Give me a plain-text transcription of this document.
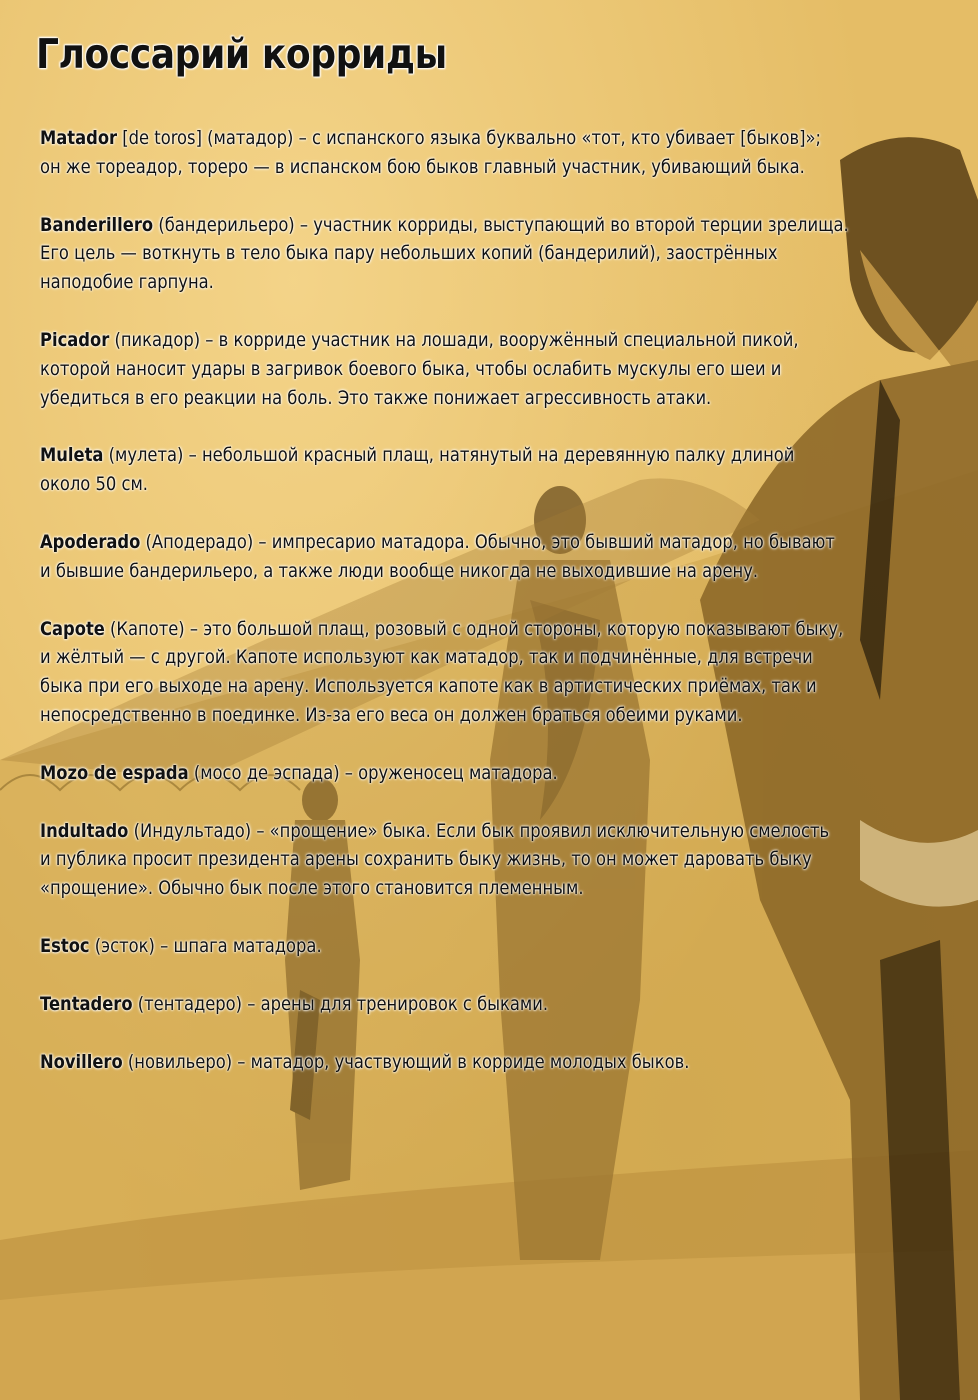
Глоссарий корриды
Matador [de toros] (матадор) – с испанского языка буквально «тот, кто убивает [быков]»;
он же тореадор, тореро — в испанском бою быков главный участник, убивающий быка.
Banderillero (бандерильеро) – участник корриды, выступающий во второй терции зрелища.
Его цель — воткнуть в тело быка пару небольших копий (бандерилий), заострённых
наподобие гарпуна.
Picador (пикадор) – в корриде участник на лошади, вооружённый специальной пикой,
которой наносит удары в загривок боевого быка, чтобы ослабить мускулы его шеи и
убедиться в его реакции на боль. Это также понижает агрессивность атаки.
Muleta (мулета) – небольшой красный плащ, натянутый на деревянную палку длиной
около 50 см.
Apoderado (Аподерадо) – импресарио матадора. Обычно, это бывший матадор, но бывают
и бывшие бандерильеро, а также люди вообще никогда не выходившие на арену.
Capote (Капоте) – это большой плащ, розовый с одной стороны, которую показывают быку,
и жёлтый — с другой. Капоте используют как матадор, так и подчинённые, для встречи
быка при его выходе на арену. Используется капоте как в артистических приёмах, так и
непосредственно в поединке. Из-за его веса он должен браться обеими руками.
Mozo de espada (мосо де эспада) – оруженосец матадора.
Indultado (Индультадо) – «прощение» быка. Если бык проявил исключительную смелость
и публика просит президента арены сохранить быку жизнь, то он может даровать быку
«прощение». Обычно бык после этого становится племенным.
Estoc (эсток) – шпага матадора.
Tentadero (тентадеро) – арены для тренировок с быками.
Novillero (новильеро) – матадор, участвующий в корриде молодых быков.
